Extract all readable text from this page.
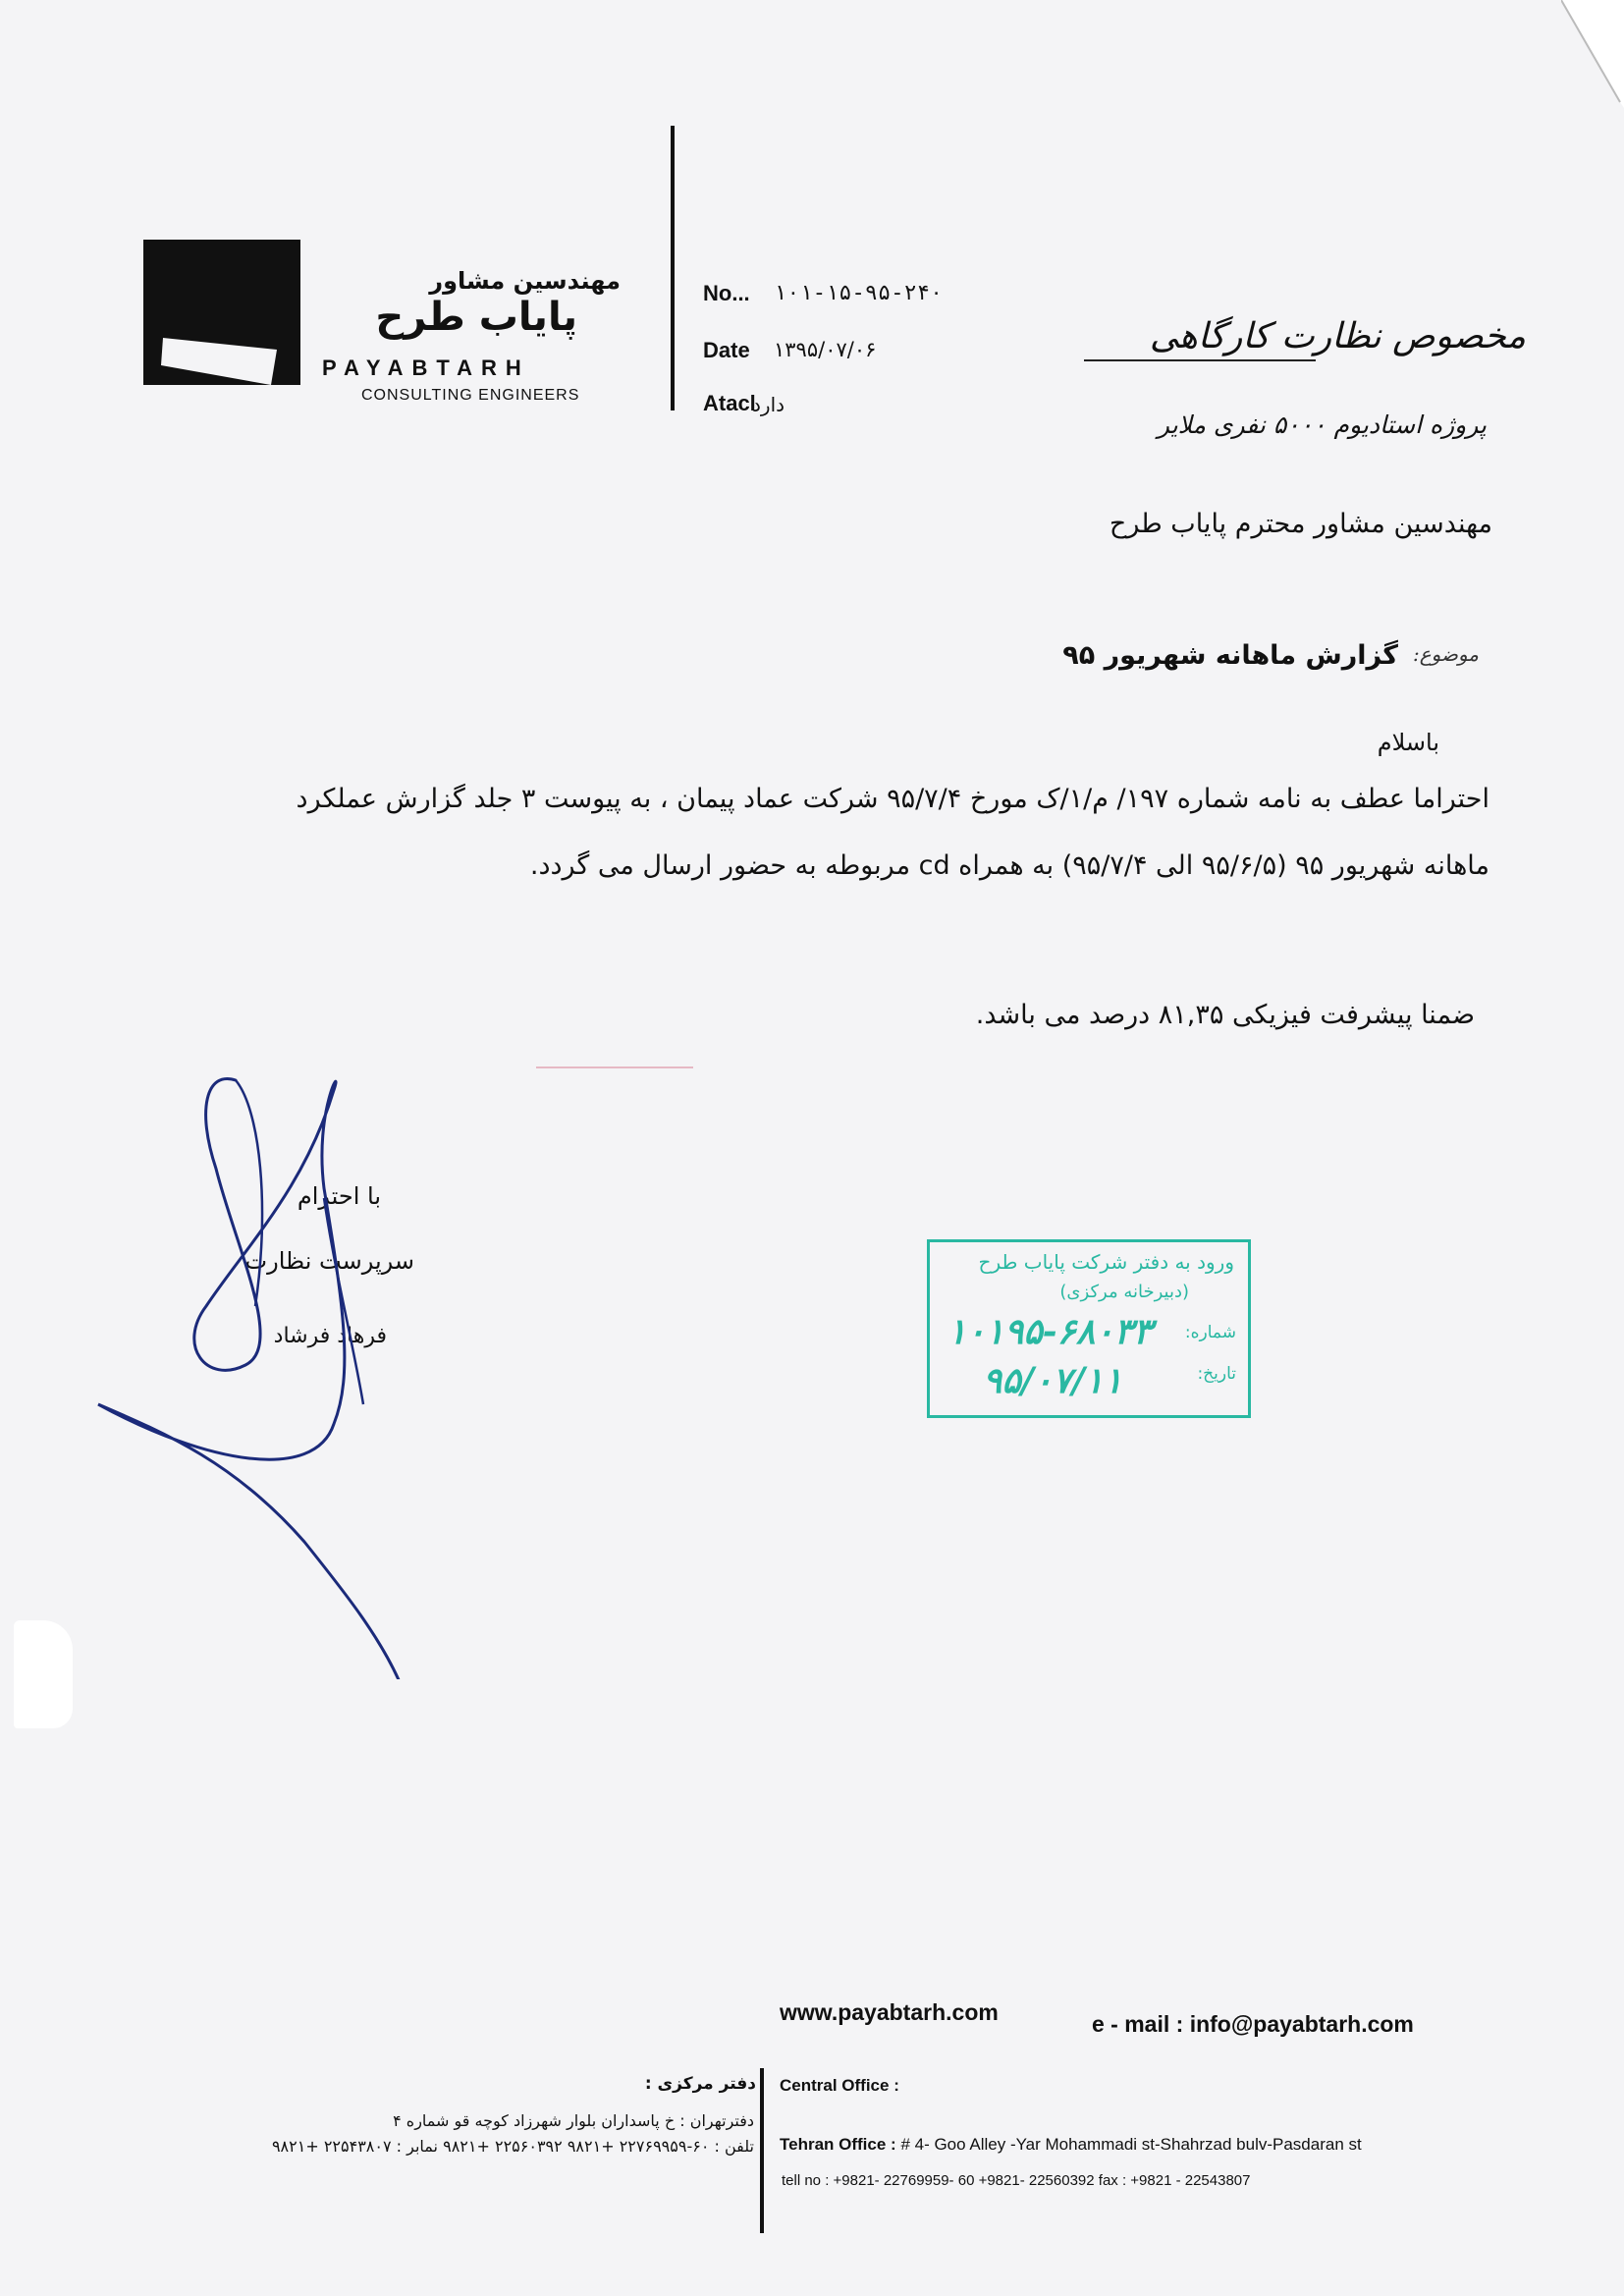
مهندسین مشاور
پایاب طرح
PAYABTARH
CONSULTING ENGINEERS
No... ۱۰۱-۱۵-۹۵-۲۴۰
Date ۱۳۹۵/۰۷/۰۶
Atacl
دارد
مخصوص نظارت کارگاهی
پروژه استادیوم ۵۰۰۰ نفری ملایر
مهندسین مشاور محترم پایاب طرح
موضوع:
گزارش ماهانه شهریور ۹۵
باسلام
احتراما عطف به نامه شماره ۱۹۷/ م/۱/ک مورخ ۹۵/۷/۴ شرکت عماد پیمان ، به پیوست ۳ جلد گزارش عملکرد
ماهانه شهریور ۹۵ (۹۵/۶/۵ الی ۹۵/۷/۴) به همراه cd مربوطه به حضور ارسال می گردد.
ضمنا پیشرفت فیزیکی ۸۱,۳۵ درصد می باشد.
با احترام
سرپرست نظارت
فرهاد فرشاد
ورود به دفتر شرکت پایاب طرح
(دبیرخانه مرکزی)
شماره:
تاریخ:
۱۰۱۹۵-۶۸۰۳۳
۹۵/۰۷/۱۱
www.payabtarh.com	e - mail : info@payabtarh.com
دفتر مرکزی : Central Office :
Tehran Office : # 4- Goo Alley -Yar Mohammadi st-Shahrzad bulv-Pasdaran st
tell no : +9821- 22769959- 60 +9821- 22560392 fax : +9821 - 22543807
دفترتهران : خ پاسداران بلوار شهرزاد کوچه قو شماره ۴
تلفن : ۶۰-۲۲۷۶۹۹۵۹ +۹۸۲۱ ۲۲۵۶۰۳۹۲ +۹۸۲۱ نمابر : ۲۲۵۴۳۸۰۷ +۹۸۲۱
